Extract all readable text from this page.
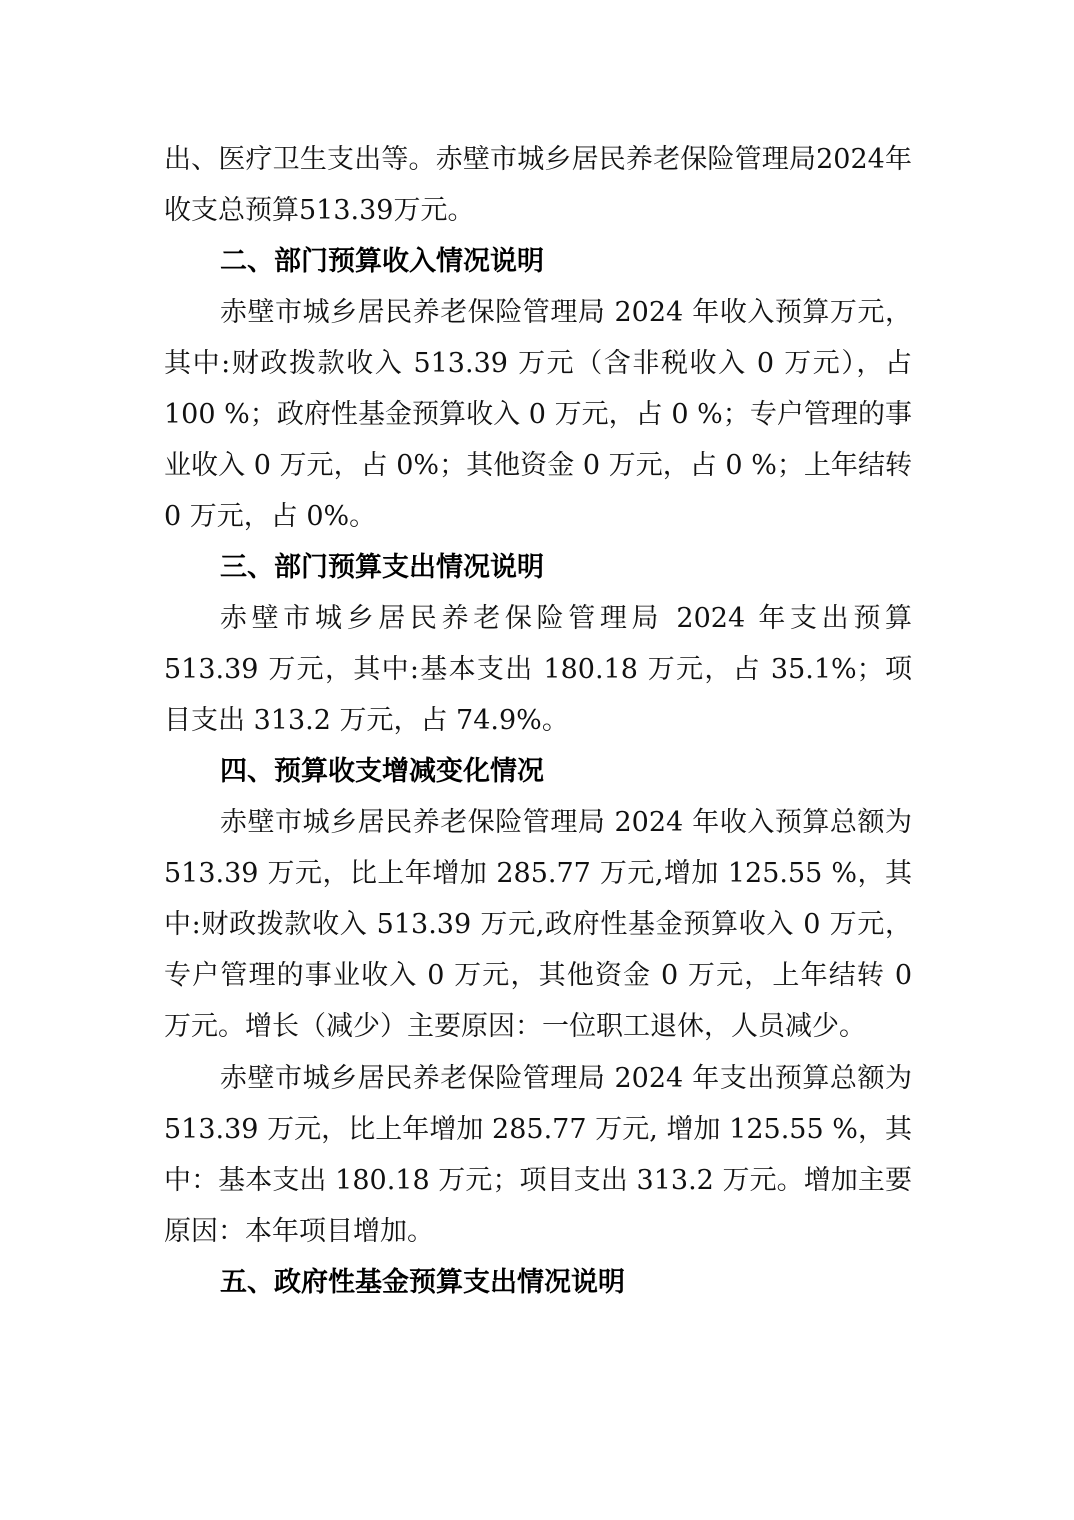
出、医疗卫生支出等。赤壁市城乡居民养老保险管理局2024年收支总预算513.39万元。

二、部门预算收入情况说明

赤壁市城乡居民养老保险管理局 2024 年收入预算万元，其中:财政拨款收入 513.39 万元（含非税收入 0 万元），占 100 %；政府性基金预算收入 0 万元，占 0 %；专户管理的事业收入 0 万元，占 0%；其他资金 0 万元，占 0 %；上年结转 0 万元，占 0%。

三、部门预算支出情况说明

赤壁市城乡居民养老保险管理局 2024 年支出预算513.39 万元，其中:基本支出 180.18 万元，占 35.1%；项目支出 313.2 万元，占 74.9%。

四、预算收支增减变化情况

赤壁市城乡居民养老保险管理局 2024 年收入预算总额为 513.39 万元，比上年增加 285.77 万元,增加 125.55 %，其中:财政拨款收入 513.39 万元,政府性基金预算收入 0 万元，专户管理的事业收入 0 万元，其他资金 0 万元，上年结转 0 万元。增长（减少）主要原因：一位职工退休，人员减少。

赤壁市城乡居民养老保险管理局 2024 年支出预算总额为 513.39 万元，比上年增加 285.77 万元, 增加 125.55 %，其中：基本支出 180.18 万元；项目支出 313.2 万元。增加主要原因：本年项目增加。

五、政府性基金预算支出情况说明
